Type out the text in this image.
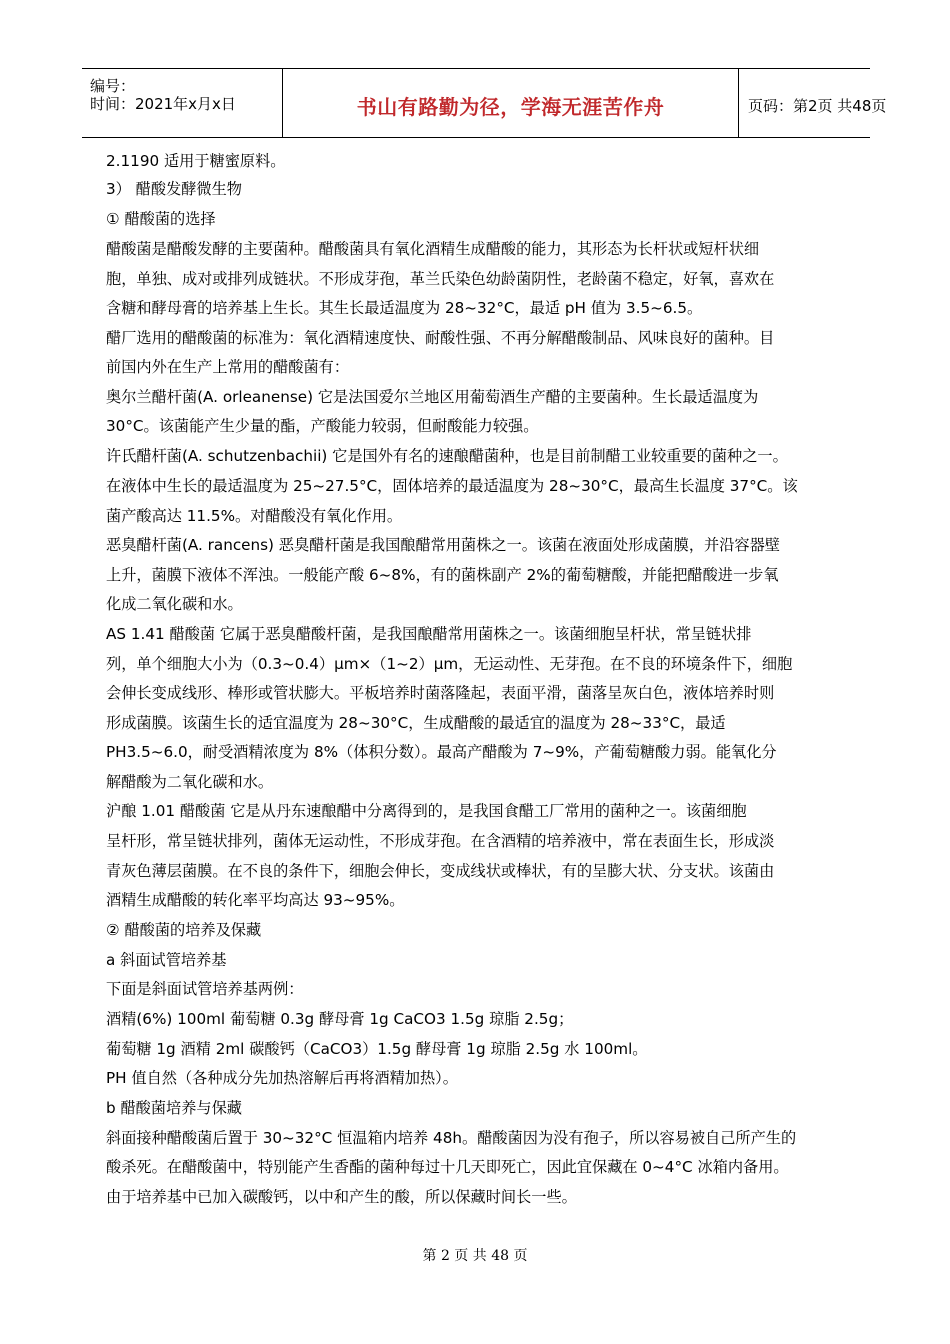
编号：
时间：2021年x月x日	书山有路勤为径，学海无涯苦作舟	页码：第2页 共48页
2.1190 适用于糖蜜原料。
3） 醋酸发酵微生物
① 醋酸菌的选择
醋酸菌是醋酸发酵的主要菌种。醋酸菌具有氧化酒精生成醋酸的能力，其形态为长杆状或短杆状细
胞，单独、成对或排列成链状。不形成芽孢，革兰氏染色幼龄菌阴性，老龄菌不稳定，好氧，喜欢在
含糖和酵母膏的培养基上生长。其生长最适温度为 28~32°C，最适 pH 值为 3.5~6.5。
醋厂选用的醋酸菌的标准为：氧化酒精速度快、耐酸性强、不再分解醋酸制品、风味良好的菌种。目
前国内外在生产上常用的醋酸菌有：
奥尔兰醋杆菌(A. orleanense) 它是法国爱尔兰地区用葡萄酒生产醋的主要菌种。生长最适温度为
30°C。该菌能产生少量的酯，产酸能力较弱，但耐酸能力较强。
许氏醋杆菌(A. schutzenbachii) 它是国外有名的速酿醋菌种，也是目前制醋工业较重要的菌种之一。
在液体中生长的最适温度为 25~27.5°C，固体培养的最适温度为 28~30°C，最高生长温度 37°C。该
菌产酸高达 11.5%。对醋酸没有氧化作用。
恶臭醋杆菌(A. rancens) 恶臭醋杆菌是我国酿醋常用菌株之一。该菌在液面处形成菌膜，并沿容器壁
上升，菌膜下液体不浑浊。一般能产酸 6~8%，有的菌株副产 2%的葡萄糖酸，并能把醋酸进一步氧
化成二氧化碳和水。
AS 1.41 醋酸菌 它属于恶臭醋酸杆菌，是我国酿醋常用菌株之一。该菌细胞呈杆状，常呈链状排
列，单个细胞大小为（0.3~0.4）μm×（1~2）μm，无运动性、无芽孢。在不良的环境条件下，细胞
会伸长变成线形、棒形或管状膨大。平板培养时菌落隆起，表面平滑，菌落呈灰白色，液体培养时则
形成菌膜。该菌生长的适宜温度为 28~30°C，生成醋酸的最适宜的温度为 28~33°C，最适
PH3.5~6.0，耐受酒精浓度为 8%（体积分数）。最高产醋酸为 7~9%，产葡萄糖酸力弱。能氧化分
解醋酸为二氧化碳和水。
沪酿 1.01 醋酸菌 它是从丹东速酿醋中分离得到的，是我国食醋工厂常用的菌种之一。该菌细胞
呈杆形，常呈链状排列，菌体无运动性，不形成芽孢。在含酒精的培养液中，常在表面生长，形成淡
青灰色薄层菌膜。在不良的条件下，细胞会伸长，变成线状或棒状，有的呈膨大状、分支状。该菌由
酒精生成醋酸的转化率平均高达 93~95%。
② 醋酸菌的培养及保藏
a 斜面试管培养基
下面是斜面试管培养基两例：
酒精(6%) 100ml 葡萄糖 0.3g 酵母膏 1g CaCO3 1.5g 琼脂 2.5g；
葡萄糖 1g 酒精 2ml 碳酸钙（CaCO3）1.5g 酵母膏 1g 琼脂 2.5g 水 100ml。
PH 值自然（各种成分先加热溶解后再将酒精加热）。
b 醋酸菌培养与保藏
斜面接种醋酸菌后置于 30~32°C 恒温箱内培养 48h。醋酸菌因为没有孢子，所以容易被自己所产生的
酸杀死。在醋酸菌中，特别能产生香酯的菌种每过十几天即死亡，因此宜保藏在 0~4°C 冰箱内备用。
由于培养基中已加入碳酸钙，以中和产生的酸，所以保藏时间长一些。
第 2 页 共 48 页
